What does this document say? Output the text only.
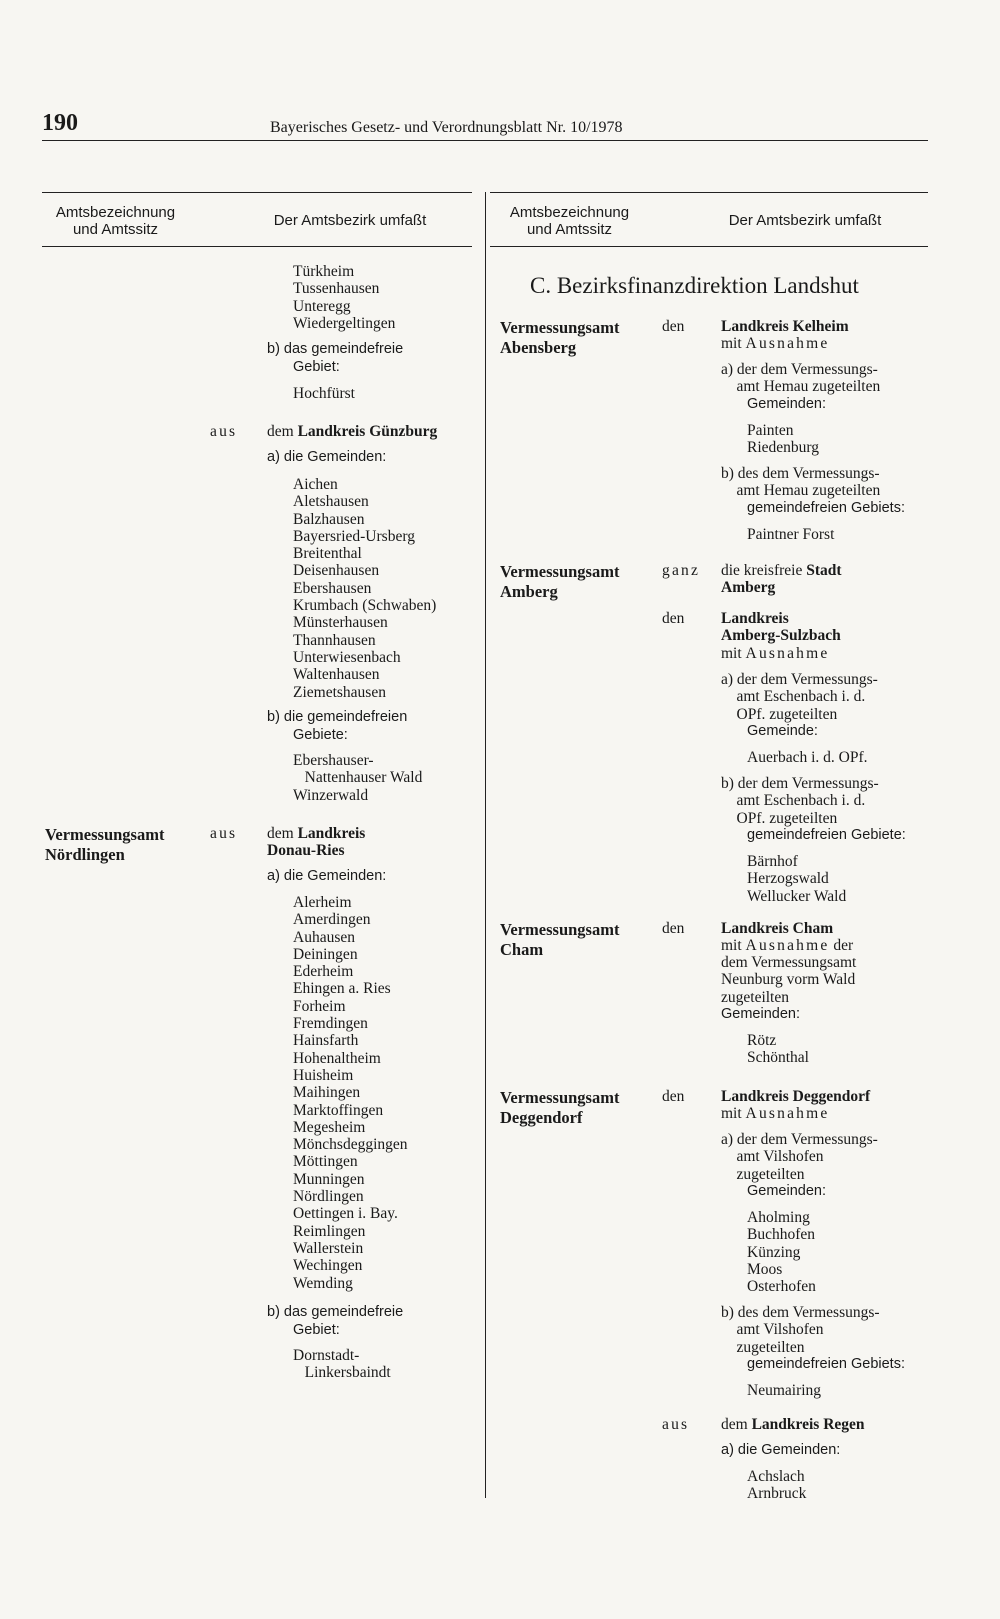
190	Bayerisches Gesetz- und Verordnungsblatt Nr. 10/1978
Amtsbezeichnung
und Amtssitz
Der Amtsbezirk umfaßt	Amtsbezeichnung
und Amtssitz
Der Amtsbezirk umfaßt
Türkheim
Tussenhausen
Unteregg
Wiedergeltingen
b) das gemeindefreie
Gebiet:
Hochfürst
aus dem Landkreis Günzburg
a) die Gemeinden:
Aichen
Aletshausen
Balzhausen
Bayersried-Ursberg
Breitenthal
Deisenhausen
Ebershausen
Krumbach (Schwaben)
Münsterhausen
Thannhausen
Unterwiesenbach
Waltenhausen
Ziemetshausen
b) die gemeindefreien
Gebiete:
Ebershauser-
Nattenhauser Wald
Winzerwald
Vermessungsamt
Nördlingen
aus dem Landkreis
Donau-Ries
a) die Gemeinden:
Alerheim
Amerdingen
Auhausen
Deiningen
Ederheim
Ehingen a. Ries
Forheim
Fremdingen
Hainsfarth
Hohenaltheim
Huisheim
Maihingen
Marktoffingen
Megesheim
Mönchsdeggingen
Möttingen
Munningen
Nördlingen
Oettingen i. Bay.
Reimlingen
Wallerstein
Wechingen
Wemding
b) das gemeindefreie
Gebiet:
Dornstadt-
Linkersbaindt
C. Bezirksfinanzdirektion Landshut
Vermessungsamt
Abensberg
den Landkreis Kelheim
mit Ausnahme
a) der dem Vermessungs-
amt Hemau zugeteilten
Gemeinden:
Painten
Riedenburg
b) des dem Vermessungs-
amt Hemau zugeteilten
gemeindefreien Gebiets:
Paintner Forst
Vermessungsamt
Amberg
ganz die kreisfreie Stadt
Amberg
den Landkreis
Amberg-Sulzbach
mit Ausnahme
a) der dem Vermessungs-
amt Eschenbach i. d.
OPf. zugeteilten
Gemeinde:
Auerbach i. d. OPf.
b) der dem Vermessungs-
amt Eschenbach i. d.
OPf. zugeteilten
gemeindefreien Gebiete:
Bärnhof
Herzogswald
Wellucker Wald
Vermessungsamt
Cham
den Landkreis Cham
mit Ausnahme der
dem Vermessungsamt
Neunburg vorm Wald
zugeteilten
Gemeinden:
Rötz
Schönthal
Vermessungsamt
Deggendorf
den Landkreis Deggendorf
mit Ausnahme
a) der dem Vermessungs-
amt Vilshofen
zugeteilten
Gemeinden:
Aholming
Buchhofen
Künzing
Moos
Osterhofen
b) des dem Vermessungs-
amt Vilshofen
zugeteilten
gemeindefreien Gebiets:
Neumairing
aus dem Landkreis Regen
a) die Gemeinden:
Achslach
Arnbruck
